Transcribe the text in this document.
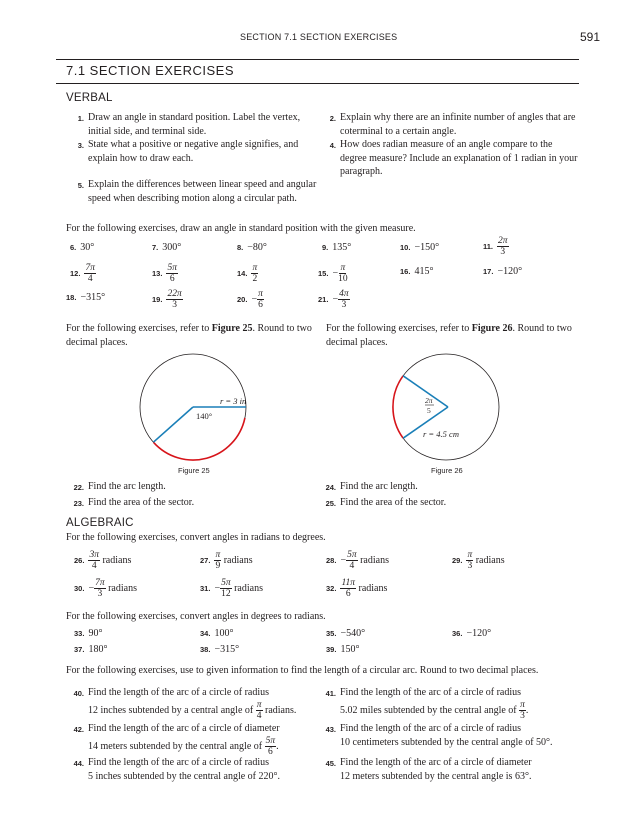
SECTION 7.1 SECTION EXERCISES	591
7.1 SECTION EXERCISES
VERBAL
1. Draw an angle in standard position. Label the vertex, initial side, and terminal side.
2. Explain why there are an infinite number of angles that are coterminal to a certain angle.
3. State what a positive or negative angle signifies, and explain how to draw each.
4. How does radian measure of an angle compare to the degree measure? Include an explanation of 1 radian in your paragraph.
5. Explain the differences between linear speed and angular speed when describing motion along a circular path.
For the following exercises, draw an angle in standard position with the given measure.
6. 30°	7. 300°	8. −80°	9. 135°	10. −150°	11. $\frac{2\pi}{3}$
12. $\frac{7\pi}{4}$	13. $\frac{5\pi}{6}$	14. $\frac{\pi}{2}$	15. − $\frac{\pi}{10}$	16. 415°	17. −120°
18. −315°	19. $\frac{22\pi}{3}$	20. − $\frac{\pi}{6}$	21. − $\frac{4\pi}{3}$
For the following exercises, refer to Figure 25. Round to two decimal places.
For the following exercises, refer to Figure 26. Round to two decimal places.
r = 3 in
140°
Figure 25
2π
5
r = 4.5 cm
Figure 26
22. Find the arc length.
23. Find the area of the sector.
24. Find the arc length.
25. Find the area of the sector.
ALGEBRAIC
For the following exercises, convert angles in radians to degrees.
26. $\frac{3\pi}{4}$ radians	27. $\frac{\pi}{9}$ radians	28. − $\frac{5\pi}{4}$ radians	29. $\frac{\pi}{3}$ radians
30. − $\frac{7\pi}{3}$ radians	31. − $\frac{5\pi}{12}$ radians	32. $\frac{11\pi}{6}$ radians
For the following exercises, convert angles in degrees to radians.
33. 90°	34. 100°	35. −540°	36. −120°
37. 180°	38. −315°	39. 150°
For the following exercises, use to given information to find the length of a circular arc. Round to two decimal places.
40. Find the length of the arc of a circle of radius
12 inches subtended by a central angle of $\frac{\pi}{4}$ radians.
41. Find the length of the arc of a circle of radius
5.02 miles subtended by the central angle of $\frac{\pi}{3}$ .
42. Find the length of the arc of a circle of diameter
14 meters subtended by the central angle of $\frac{5\pi}{6}$ .
43. Find the length of the arc of a circle of radius
10 centimeters subtended by the central angle of 50°.
44. Find the length of the arc of a circle of radius
5 inches subtended by the central angle of 220°.
45. Find the length of the arc of a circle of diameter
12 meters subtended by the central angle is 63°.
